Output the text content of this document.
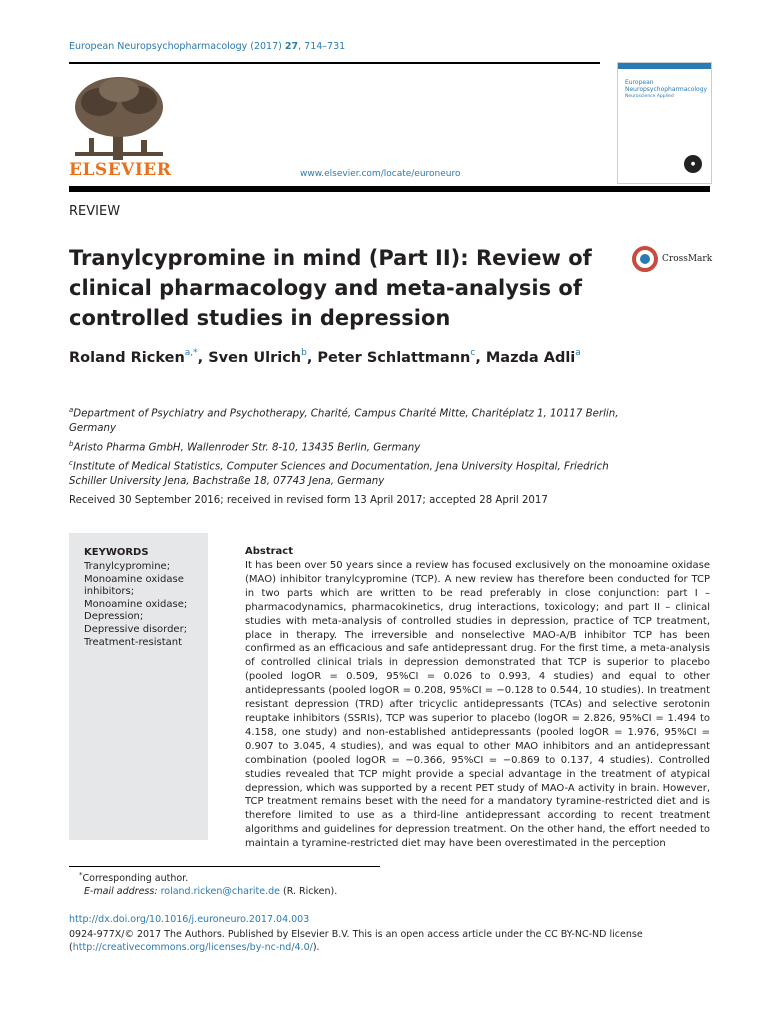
European Neuropsychopharmacology (2017) 27, 714–731
ELSEVIER	www.elsevier.com/locate/euroneuro
European Neuropsychopharmacology
Neuroscience Applied
●
REVIEW
Tranylcypromine in mind (Part II): Review of clinical pharmacology and meta-analysis of controlled studies in depression
CrossMark
Roland Ricken$^{a,*}$, Sven Ulrich$^b$, Peter Schlattmann$^c$, Mazda Adli$^a$
$^a$Department of Psychiatry and Psychotherapy, Charité, Campus Charité Mitte, Charitéplatz 1, 10117 Berlin, Germany
$^b$Aristo Pharma GmbH, Wallenroder Str. 8-10, 13435 Berlin, Germany
$^c$Institute of Medical Statistics, Computer Sciences and Documentation, Jena University Hospital, Friedrich Schiller University Jena, Bachstraße 18, 07743 Jena, Germany
Received 30 September 2016; received in revised form 13 April 2017; accepted 28 April 2017
KEYWORDS
Tranylcypromine;
Monoamine oxidase inhibitors;
Monoamine oxidase;
Depression;
Depressive disorder;
Treatment-resistant
Abstract
It has been over 50 years since a review has focused exclusively on the monoamine oxidase (MAO) inhibitor tranylcypromine (TCP). A new review has therefore been conducted for TCP in two parts which are written to be read preferably in close conjunction: part I – pharmacodynamics, pharmacokinetics, drug interactions, toxicology; and part II – clinical studies with meta-analysis of controlled studies in depression, practice of TCP treatment, place in therapy. The irreversible and nonselective MAO-A/B inhibitor TCP has been confirmed as an efficacious and safe antidepressant drug. For the first time, a meta-analysis of controlled clinical trials in depression demonstrated that TCP is superior to placebo (pooled logOR = 0.509, 95%CI = 0.026 to 0.993, 4 studies) and equal to other antidepressants (pooled logOR = 0.208, 95%CI = −0.128 to 0.544, 10 studies). In treatment resistant depression (TRD) after tricyclic antidepressants (TCAs) and selective serotonin reuptake inhibitors (SSRIs), TCP was superior to placebo (logOR = 2.826, 95%CI = 1.494 to 4.158, one study) and non-established antidepressants (pooled logOR = 1.976, 95%CI = 0.907 to 3.045, 4 studies), and was equal to other MAO inhibitors and an antidepressant combination (pooled logOR = −0.366, 95%CI = −0.869 to 0.137, 4 studies). Controlled studies revealed that TCP might provide a special advantage in the treatment of atypical depression, which was supported by a recent PET study of MAO-A activity in brain. However, TCP treatment remains beset with the need for a mandatory tyramine-restricted diet and is therefore limited to use as a third-line antidepressant according to recent treatment algorithms and guidelines for depression treatment. On the other hand, the effort needed to maintain a tyramine-restricted diet may have been overestimated in the perception
*Corresponding author.
E-mail address: roland.ricken@charite.de (R. Ricken).
http://dx.doi.org/10.1016/j.euroneuro.2017.04.003
0924-977X/© 2017 The Authors. Published by Elsevier B.V. This is an open access article under the CC BY-NC-ND license (http://creativecommons.org/licenses/by-nc-nd/4.0/).
